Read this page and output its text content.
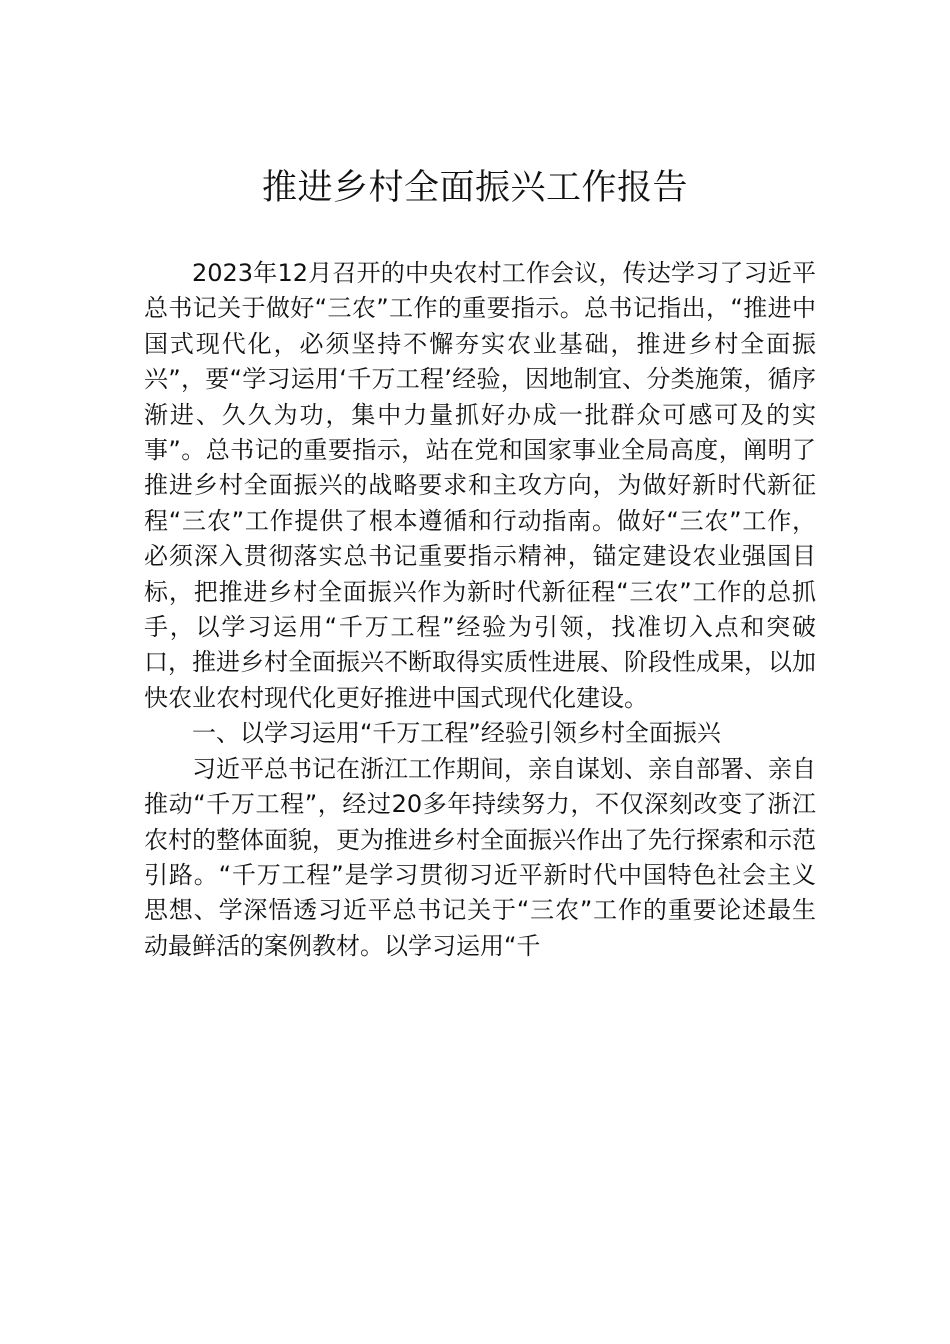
推进乡村全面振兴工作报告

2023年12月召开的中央农村工作会议，传达学习了习近平总书记关于做好“三农”工作的重要指示。总书记指出，“推进中国式现代化，必须坚持不懈夯实农业基础，推进乡村全面振兴”，要“学习运用‘千万工程’经验，因地制宜、分类施策，循序渐进、久久为功，集中力量抓好办成一批群众可感可及的实事”。总书记的重要指示，站在党和国家事业全局高度，阐明了推进乡村全面振兴的战略要求和主攻方向，为做好新时代新征程“三农”工作提供了根本遵循和行动指南。做好“三农”工作，必须深入贯彻落实总书记重要指示精神，锚定建设农业强国目标，把推进乡村全面振兴作为新时代新征程“三农”工作的总抓手，以学习运用“千万工程”经验为引领，找准切入点和突破口，推进乡村全面振兴不断取得实质性进展、阶段性成果，以加快农业农村现代化更好推进中国式现代化建设。

一、以学习运用“千万工程”经验引领乡村全面振兴

习近平总书记在浙江工作期间，亲自谋划、亲自部署、亲自推动“千万工程”，经过20多年持续努力，不仅深刻改变了浙江农村的整体面貌，更为推进乡村全面振兴作出了先行探索和示范引路。“千万工程”是学习贯彻习近平新时代中国特色社会主义思想、学深悟透习近平总书记关于“三农”工作的重要论述最生动最鲜活的案例教材。以学习运用“千
